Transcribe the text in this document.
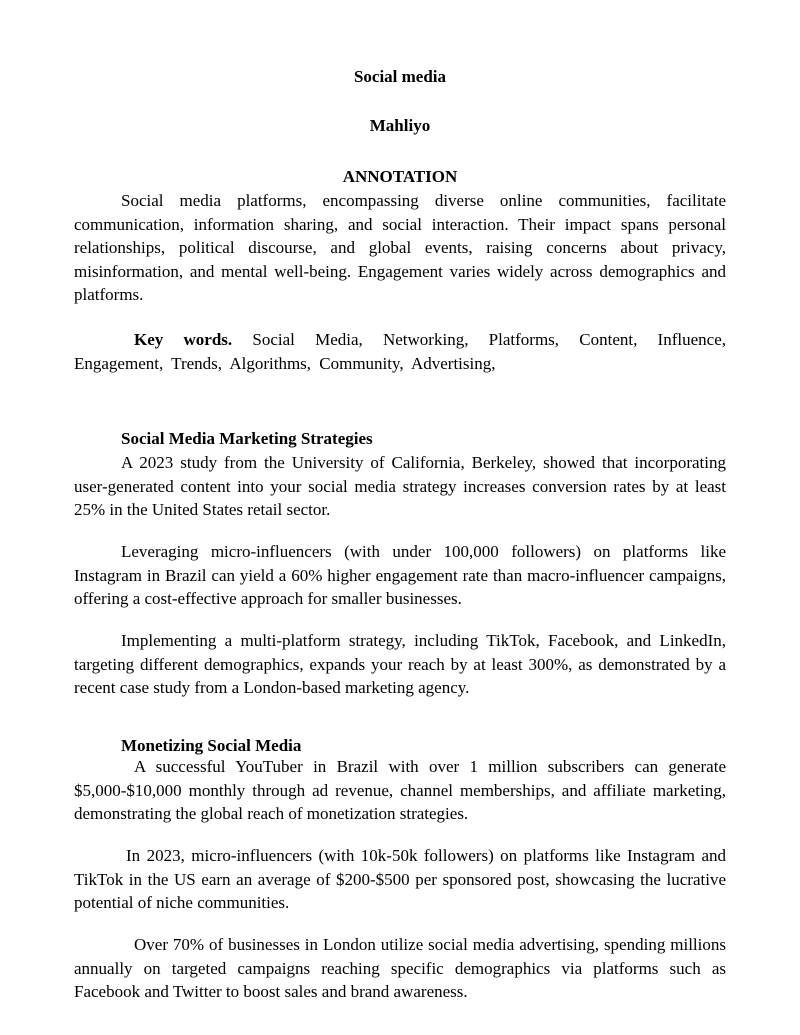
Social media
Mahliyo
ANNOTATION

Social media platforms, encompassing diverse online communities, facilitate communication, information sharing, and social interaction. Their impact spans personal relationships, political discourse, and global events, raising concerns about privacy, misinformation, and mental well-being. Engagement varies widely across demographics and platforms.

Key words. Social Media, Networking, Platforms, Content, Influence, Engagement, Trends, Algorithms, Community, Advertising,
Social Media Marketing Strategies

A 2023 study from the University of California, Berkeley, showed that incorporating user-generated content into your social media strategy increases conversion rates by at least 25% in the United States retail sector.

Leveraging micro-influencers (with under 100,000 followers) on platforms like Instagram in Brazil can yield a 60% higher engagement rate than macro-influencer campaigns, offering a cost-effective approach for smaller businesses.

Implementing a multi-platform strategy, including TikTok, Facebook, and LinkedIn, targeting different demographics, expands your reach by at least 300%, as demonstrated by a recent case study from a London-based marketing agency.

Monetizing Social Media

A successful YouTuber in Brazil with over 1 million subscribers can generate $5,000-$10,000 monthly through ad revenue, channel memberships, and affiliate marketing, demonstrating the global reach of monetization strategies.

In 2023, micro-influencers (with 10k-50k followers) on platforms like Instagram and TikTok in the US earn an average of $200-$500 per sponsored post, showcasing the lucrative potential of niche communities.

Over 70% of businesses in London utilize social media advertising, spending millions annually on targeted campaigns reaching specific demographics via platforms such as Facebook and Twitter to boost sales and brand awareness.
